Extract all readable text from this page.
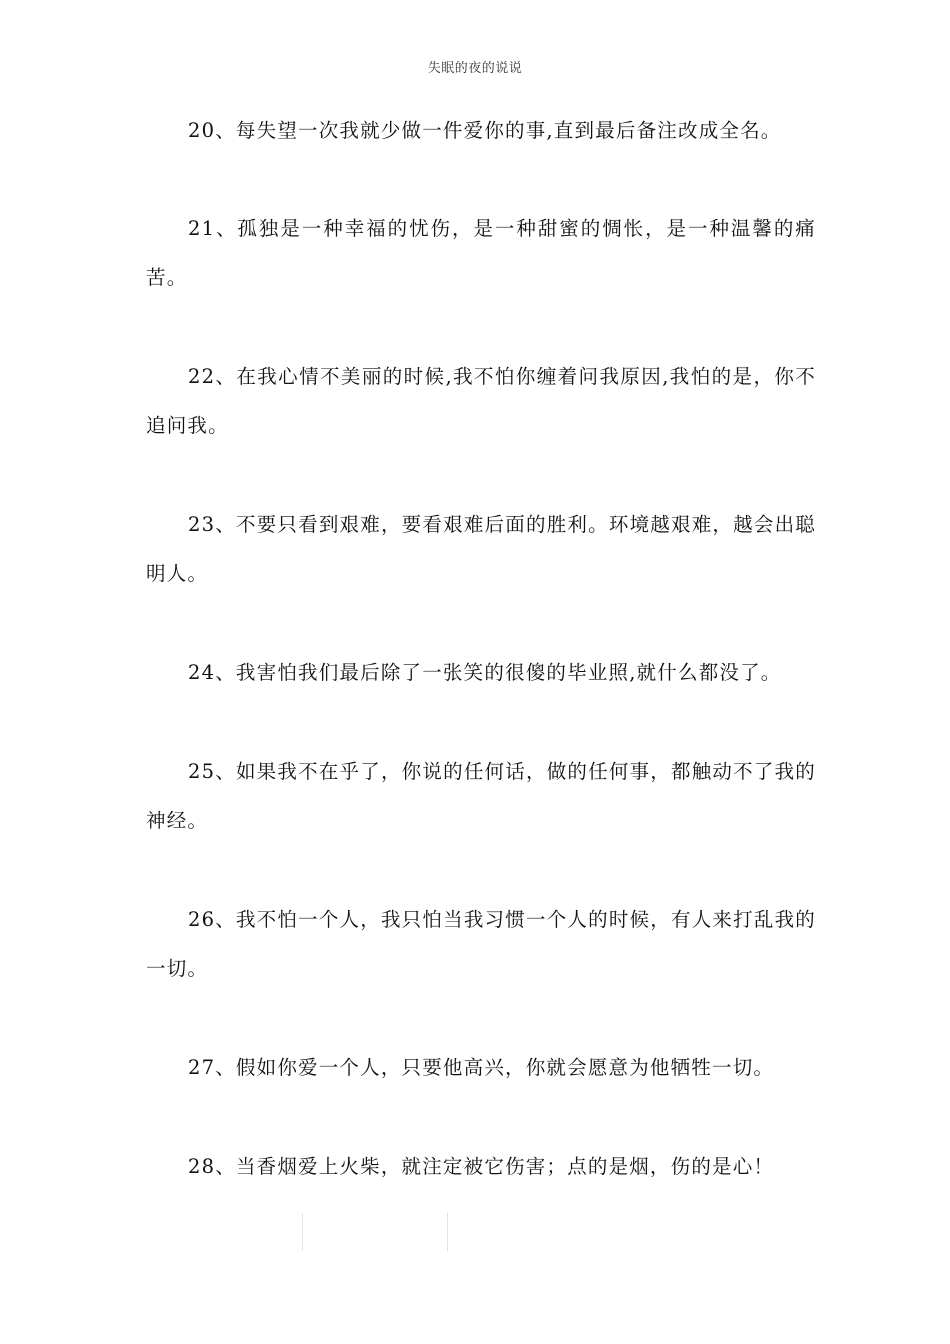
失眠的夜的说说

20、每失望一次我就少做一件爱你的事,直到最后备注改成全名。

21、孤独是一种幸福的忧伤，是一种甜蜜的惆怅，是一种温馨的痛苦。

22、在我心情不美丽的时候,我不怕你缠着问我原因,我怕的是，你不追问我。

23、不要只看到艰难，要看艰难后面的胜利。环境越艰难，越会出聪明人。

24、我害怕我们最后除了一张笑的很傻的毕业照,就什么都没了。

25、如果我不在乎了，你说的任何话，做的任何事，都触动不了我的神经。

26、我不怕一个人，我只怕当我习惯一个人的时候，有人来打乱我的一切。

27、假如你爱一个人，只要他高兴，你就会愿意为他牺牲一切。

28、当香烟爱上火柴，就注定被它伤害；点的是烟，伤的是心！
